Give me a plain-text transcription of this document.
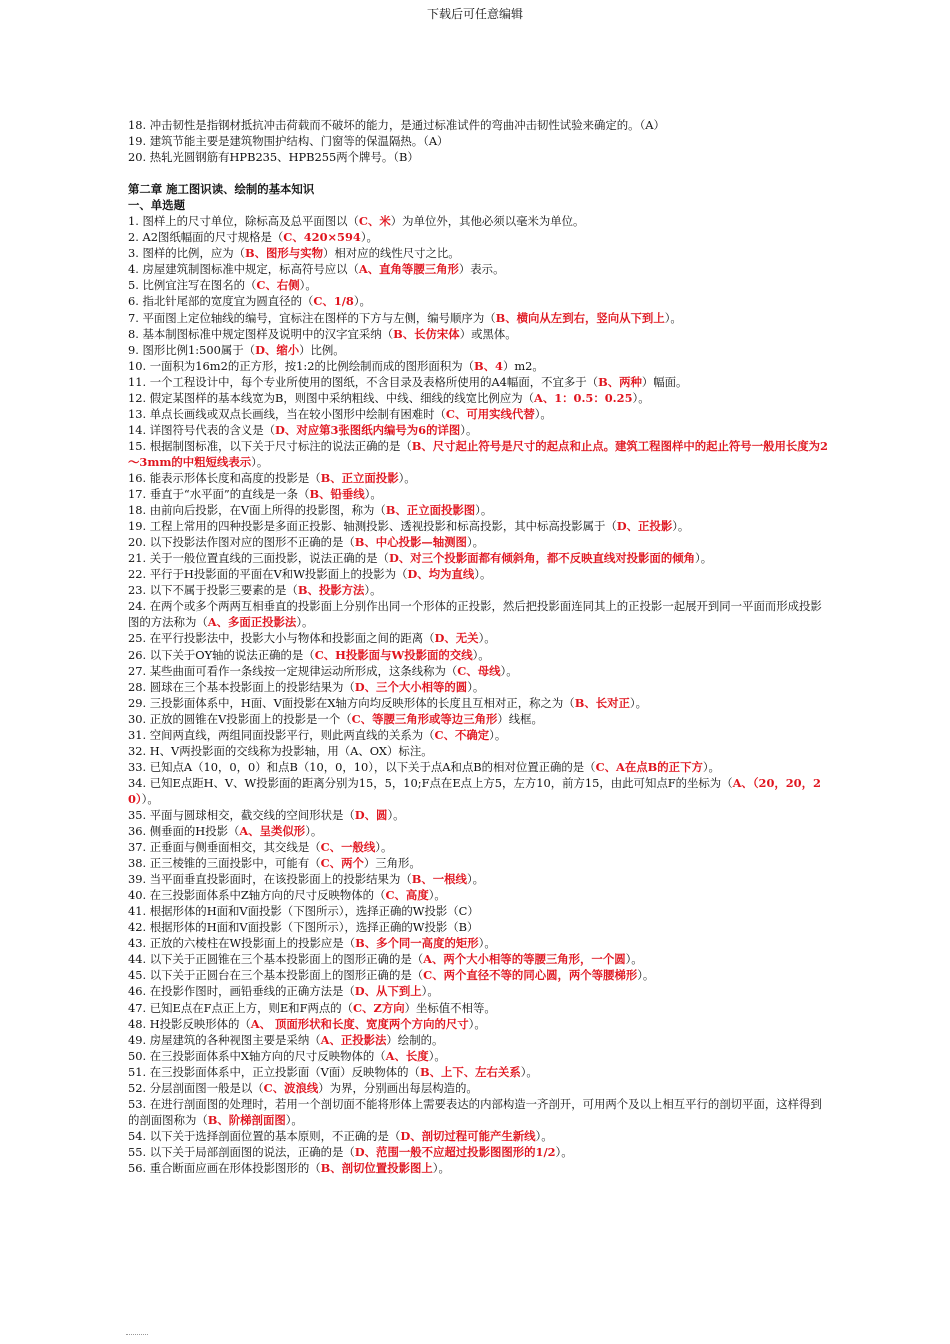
下载后可任意编辑
18. 冲击韧性是指钢材抵抗冲击荷载而不破坏的能力，是通过标准试件的弯曲冲击韧性试验来确定的。（A）
19. 建筑节能主要是建筑物围护结构、门窗等的保温隔热。（A）
20. 热轧光圆钢筋有HPB235、HPB255两个牌号。（B）
第二章 施工图识读、绘制的基本知识
一、单选题
1. 图样上的尺寸单位，除标高及总平面图以（C、米）为单位外，其他必须以毫米为单位。
2. A2图纸幅面的尺寸规格是（C、420×594）。
3. 图样的比例，应为（B、图形与实物）相对应的线性尺寸之比。
4. 房屋建筑制图标准中规定，标高符号应以（A、直角等腰三角形）表示。
5. 比例宜注写在图名的（C、右侧）。
6. 指北针尾部的宽度宜为圆直径的（C、1/8）。
7. 平面图上定位轴线的编号，宜标注在图样的下方与左侧，编号顺序为（B、横向从左到右，竖向从下到上）。
8. 基本制图标准中规定图样及说明中的汉字宜采纳（B、长仿宋体）或黑体。
9. 图形比例1:500属于（D、缩小）比例。
10. 一面积为16m2的正方形，按1:2的比例绘制而成的图形面积为（B、4）m2。
11. 一个工程设计中，每个专业所使用的图纸，不含目录及表格所使用的A4幅面，不宜多于（B、两种）幅面。
12. 假定某图样的基本线宽为B，则图中采纳粗线、中线、细线的线宽比例应为（A、1：0.5：0.25）。
13. 单点长画线或双点长画线，当在较小图形中绘制有困难时（C、可用实线代替）。
14. 详图符号代表的含义是（D、对应第3张图纸内编号为6的详图）。
15. 根据制图标准，以下关于尺寸标注的说法正确的是（B、尺寸起止符号是尺寸的起点和止点。建筑工程图样中的起止符号一般用长度为2～3mm的中粗短线表示）。
16. 能表示形体长度和高度的投影是（B、正立面投影）。
17. 垂直于“水平面”的直线是一条（B、铅垂线）。
18. 由前向后投影，在V面上所得的投影图，称为（B、正立面投影图）。
19. 工程上常用的四种投影是多面正投影、轴测投影、透视投影和标高投影，其中标高投影属于（D、正投影）。
20. 以下投影法作图对应的图形不正确的是（B、中心投影—轴测图）。
21. 关于一般位置直线的三面投影，说法正确的是（D、对三个投影面都有倾斜角，都不反映直线对投影面的倾角）。
22. 平行于H投影面的平面在V和W投影面上的投影为（D、均为直线）。
23. 以下不属于投影三要素的是（B、投影方法）。
24. 在两个或多个两两互相垂直的投影面上分别作出同一个形体的正投影，然后把投影面连同其上的正投影一起展开到同一平面而形成投影图的方法称为（A、多面正投影法）。
25. 在平行投影法中，投影大小与物体和投影面之间的距离（D、无关）。
26. 以下关于OY轴的说法正确的是（C、H投影面与W投影面的交线）。
27. 某些曲面可看作一条线按一定规律运动所形成，这条线称为（C、母线）。
28. 圆球在三个基本投影面上的投影结果为（D、三个大小相等的圆）。
29. 三投影面体系中，H面、V面投影在X轴方向均反映形体的长度且互相对正，称之为（B、长对正）。
30. 正放的圆锥在V投影面上的投影是一个（C、等腰三角形或等边三角形）线框。
31. 空间两直线，两组同面投影平行，则此两直线的关系为（C、不确定）。
32. H、V两投影面的交线称为投影轴，用（A、OX）标注。
33. 已知点A（10，0，0）和点B（10，0，10），以下关于点A和点B的相对位置正确的是（C、A在点B的正下方）。
34. 已知E点距H、V、W投影面的距离分别为15，5，10;F点在E点上方5，左方10，前方15，由此可知点F的坐标为（A、（20，20，20））。
35. 平面与圆球相交，截交线的空间形状是（D、圆）。
36. 侧垂面的H投影（A、呈类似形）。
37. 正垂面与侧垂面相交，其交线是（C、一般线）。
38. 正三棱锥的三面投影中，可能有（C、两个）三角形。
39. 当平面垂直投影面时，在该投影面上的投影结果为（B、一根线）。
40. 在三投影面体系中Z轴方向的尺寸反映物体的（C、高度）。
41. 根据形体的H面和V面投影（下图所示），选择正确的W投影（C）
42. 根据形体的H面和V面投影（下图所示），选择正确的W投影（B）
43. 正放的六棱柱在W投影面上的投影应是（B、多个同一高度的矩形）。
44. 以下关于正圆锥在三个基本投影面上的图形正确的是（A、两个大小相等的等腰三角形，一个圆）。
45. 以下关于正圆台在三个基本投影面上的图形正确的是（C、两个直径不等的同心圆，两个等腰梯形）。
46. 在投影作图时，画铅垂线的正确方法是（D、从下到上）。
47. 已知E点在F点正上方，则E和F两点的（C、Z方向）坐标值不相等。
48. H投影反映形体的（A、 顶面形状和长度、宽度两个方向的尺寸）。
49. 房屋建筑的各种视图主要是采纳（A、正投影法）绘制的。
50. 在三投影面体系中X轴方向的尺寸反映物体的（A、长度）。
51. 在三投影面体系中，正立投影面（V面）反映物体的（B、上下、左右关系）。
52. 分层剖面图一般是以（C、波浪线）为界，分别画出每层构造的。
53. 在进行剖面图的处理时，若用一个剖切面不能将形体上需要表达的内部构造一齐剖开，可用两个及以上相互平行的剖切平面，这样得到的剖面图称为（B、阶梯剖面图）。
54. 以下关于选择剖面位置的基本原则，不正确的是（D、剖切过程可能产生新线）。
55. 以下关于局部剖面图的说法，正确的是（D、范围一般不应超过投影图图形的1/2）。
56. 重合断面应画在形体投影图形的（B、剖切位置投影图上）。
